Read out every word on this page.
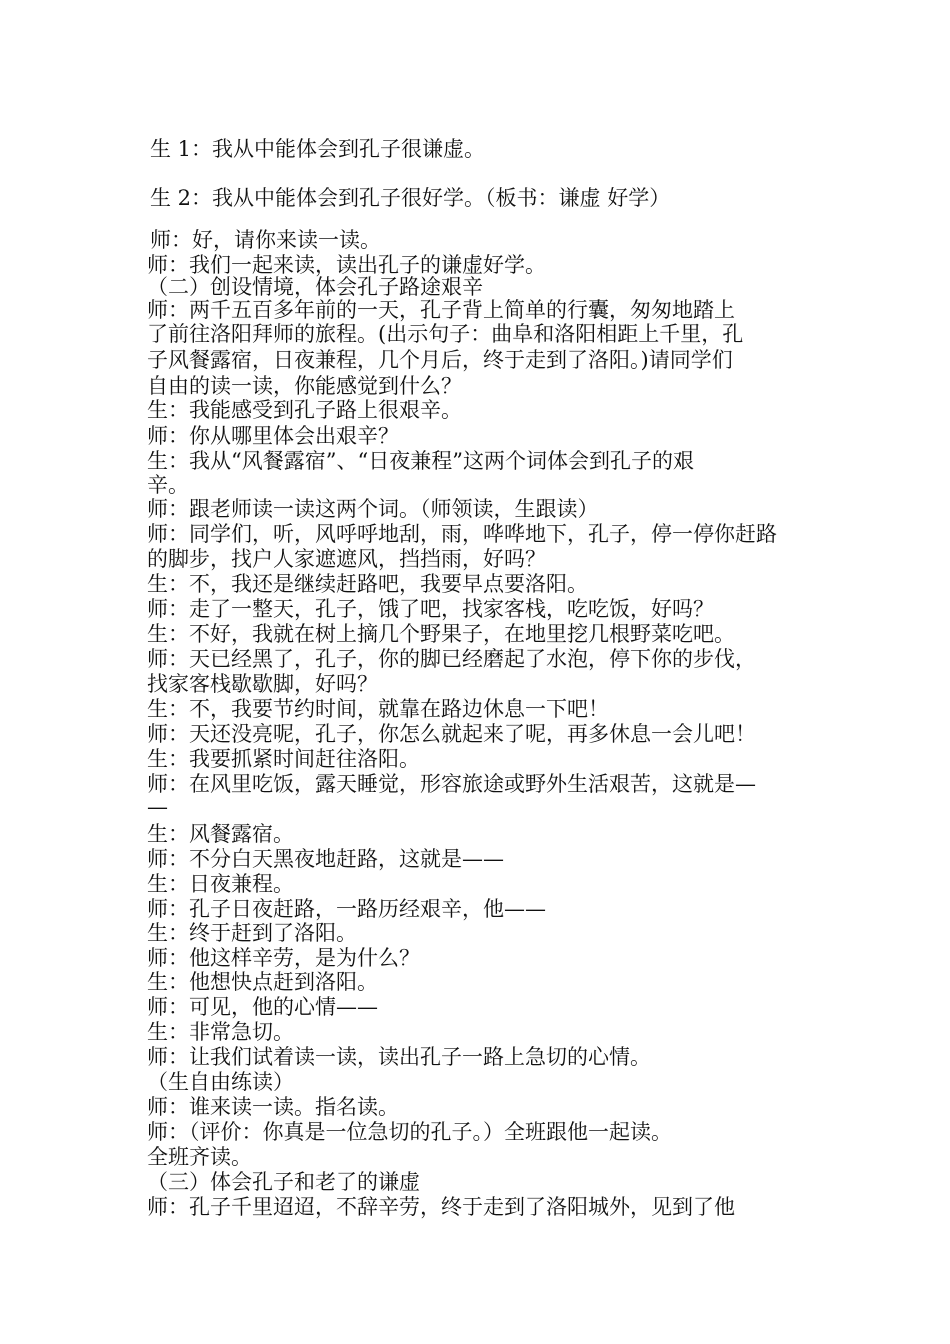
生 1：我从中能体会到孔子很谦虚。
生 2：我从中能体会到孔子很好学。（板书：谦虚 好学）
师：好，请你来读一读。
师：我们一起来读，读出孔子的谦虚好学。
（二）创设情境，体会孔子路途艰辛
师：两千五百多年前的一天，孔子背上简单的行囊，匆匆地踏上
了前往洛阳拜师的旅程。(出示句子：曲阜和洛阳相距上千里，孔
子风餐露宿，日夜兼程，几个月后，终于走到了洛阳。)请同学们
自由的读一读，你能感觉到什么？
生：我能感受到孔子路上很艰辛。
师：你从哪里体会出艰辛？
生：我从“风餐露宿”、“日夜兼程”这两个词体会到孔子的艰
辛。
师：跟老师读一读这两个词。（师领读，生跟读）
师：同学们，听，风呼呼地刮，雨，哗哗地下，孔子，停一停你赶路
的脚步，找户人家遮遮风，挡挡雨，好吗？
生：不，我还是继续赶路吧，我要早点要洛阳。
师：走了一整天，孔子，饿了吧，找家客栈，吃吃饭，好吗？
生：不好，我就在树上摘几个野果子，在地里挖几根野菜吃吧。
师：天已经黑了，孔子，你的脚已经磨起了水泡，停下你的步伐，
找家客栈歇歇脚，好吗？
生：不，我要节约时间，就靠在路边休息一下吧！
师：天还没亮呢，孔子，你怎么就起来了呢，再多休息一会儿吧！
生：我要抓紧时间赶往洛阳。
师：在风里吃饭，露天睡觉，形容旅途或野外生活艰苦，这就是—
—
生：风餐露宿。
师：不分白天黑夜地赶路，这就是——
生：日夜兼程。
师：孔子日夜赶路，一路历经艰辛，他——
生：终于赶到了洛阳。
师：他这样辛劳，是为什么？
生：他想快点赶到洛阳。
师：可见，他的心情——
生：非常急切。
师：让我们试着读一读，读出孔子一路上急切的心情。
（生自由练读）
师：谁来读一读。指名读。
师：（评价：你真是一位急切的孔子。）全班跟他一起读。
全班齐读。
（三）体会孔子和老了的谦虚
师：孔子千里迢迢，不辞辛劳，终于走到了洛阳城外，见到了他
